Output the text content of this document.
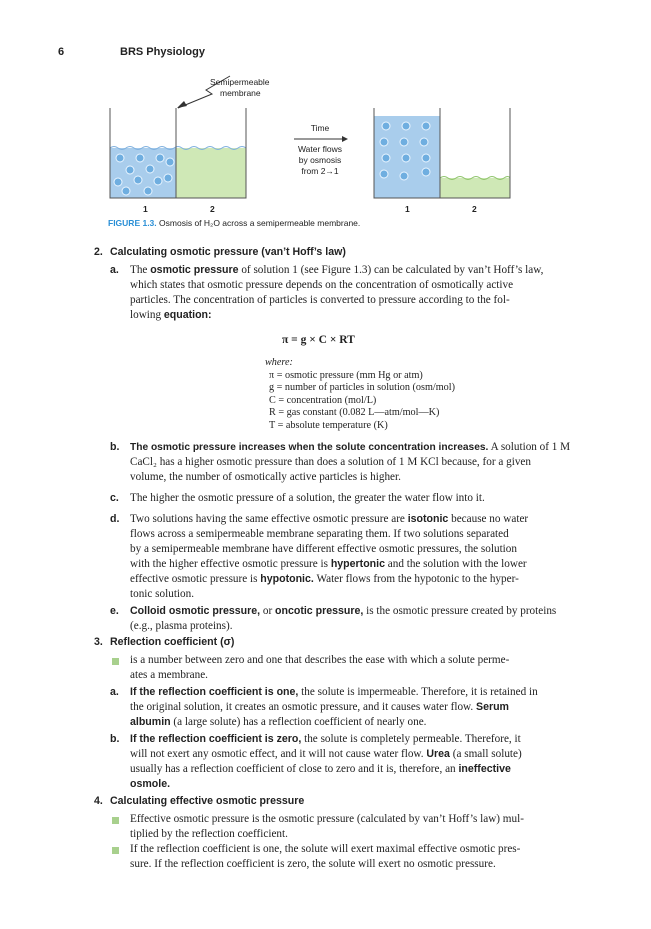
6	BRS Physiology
Semipermeable
membrane
1	2
Time
Water flows
by osmosis
from 2→1
1	2
FIGURE 1.3. Osmosis of H₂O across a semipermeable membrane.
2. Calculating osmotic pressure (van’t Hoff’s law)
a. The osmotic pressure of solution 1 (see Figure 1.3) can be calculated by van’t Hoff’s law,
which states that osmotic pressure depends on the concentration of osmotically active
particles. The concentration of particles is converted to pressure according to the fol-
lowing equation:
π = g × C × RT
where:
π = osmotic pressure (mm Hg or atm)
g = number of particles in solution (osm/mol)
C = concentration (mol/L)
R = gas constant (0.082 L—atm/mol—K)
T = absolute temperature (K)
b. The osmotic pressure increases when the solute concentration increases. A solution of 1 M
CaCl₂ has a higher osmotic pressure than does a solution of 1 M KCl because, for a given
volume, the number of osmotically active particles is higher.
c. The higher the osmotic pressure of a solution, the greater the water flow into it.
d. Two solutions having the same effective osmotic pressure are isotonic because no water
flows across a semipermeable membrane separating them. If two solutions separated
by a semipermeable membrane have different effective osmotic pressures, the solution
with the higher effective osmotic pressure is hypertonic and the solution with the lower
effective osmotic pressure is hypotonic. Water flows from the hypotonic to the hyper-
tonic solution.
e. Colloid osmotic pressure, or oncotic pressure, is the osmotic pressure created by proteins
(e.g., plasma proteins).
3. Reflection coefficient (σ)
is a number between zero and one that describes the ease with which a solute perme-
ates a membrane.
a. If the reflection coefficient is one, the solute is impermeable. Therefore, it is retained in
the original solution, it creates an osmotic pressure, and it causes water flow. Serum
albumin (a large solute) has a reflection coefficient of nearly one.
b. If the reflection coefficient is zero, the solute is completely permeable. Therefore, it
will not exert any osmotic effect, and it will not cause water flow. Urea (a small solute)
usually has a reflection coefficient of close to zero and it is, therefore, an ineffective
osmole.
4. Calculating effective osmotic pressure
Effective osmotic pressure is the osmotic pressure (calculated by van’t Hoff’s law) mul-
tiplied by the reflection coefficient.
If the reflection coefficient is one, the solute will exert maximal effective osmotic pres-
sure. If the reflection coefficient is zero, the solute will exert no osmotic pressure.
